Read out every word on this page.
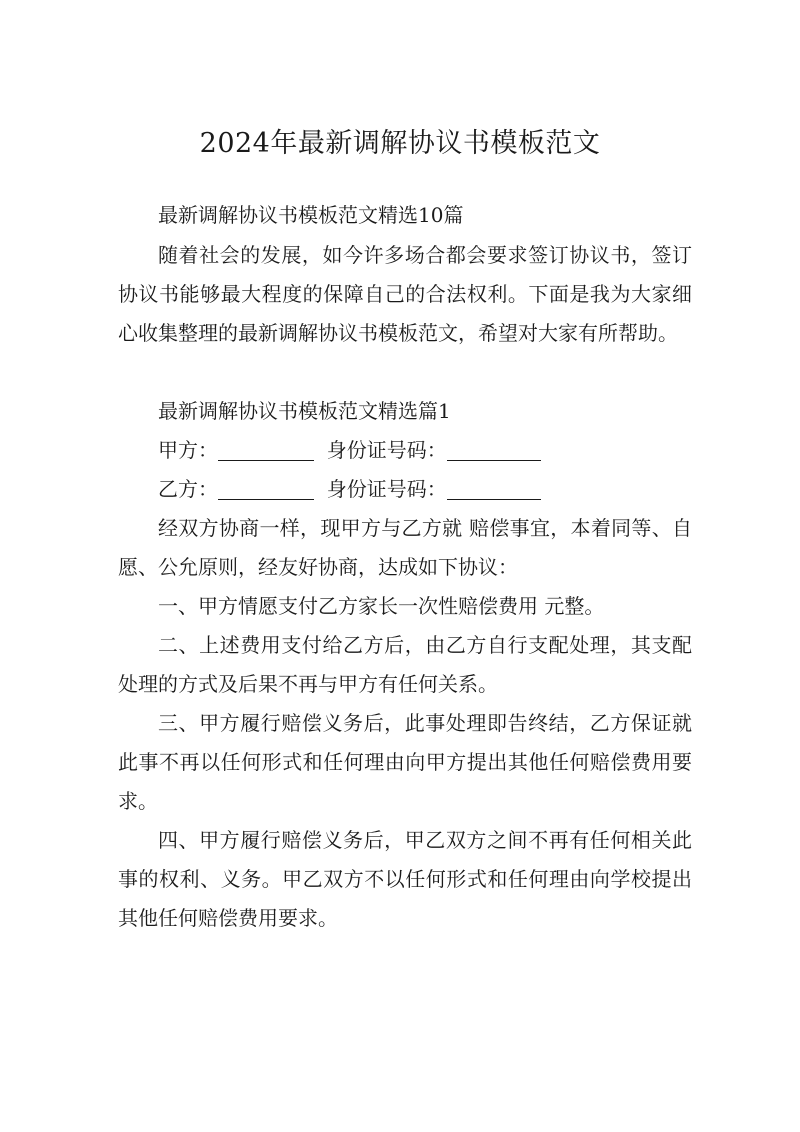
2024年最新调解协议书模板范文

最新调解协议书模板范文精选10篇

随着社会的发展，如今许多场合都会要求签订协议书，签订协议书能够最大程度的保障自己的合法权利。下面是我为大家细心收集整理的最新调解协议书模板范文，希望对大家有所帮助。

最新调解协议书模板范文精选篇1

甲方：	身份证号码：

乙方：	身份证号码：

经双方协商一样，现甲方与乙方就 赔偿事宜，本着同等、自愿、公允原则，经友好协商，达成如下协议：

一、甲方情愿支付乙方家长一次性赔偿费用 元整。

二、上述费用支付给乙方后，由乙方自行支配处理，其支配处理的方式及后果不再与甲方有任何关系。

三、甲方履行赔偿义务后，此事处理即告终结，乙方保证就此事不再以任何形式和任何理由向甲方提出其他任何赔偿费用要求。

四、甲方履行赔偿义务后，甲乙双方之间不再有任何相关此事的权利、义务。甲乙双方不以任何形式和任何理由向学校提出其他任何赔偿费用要求。
